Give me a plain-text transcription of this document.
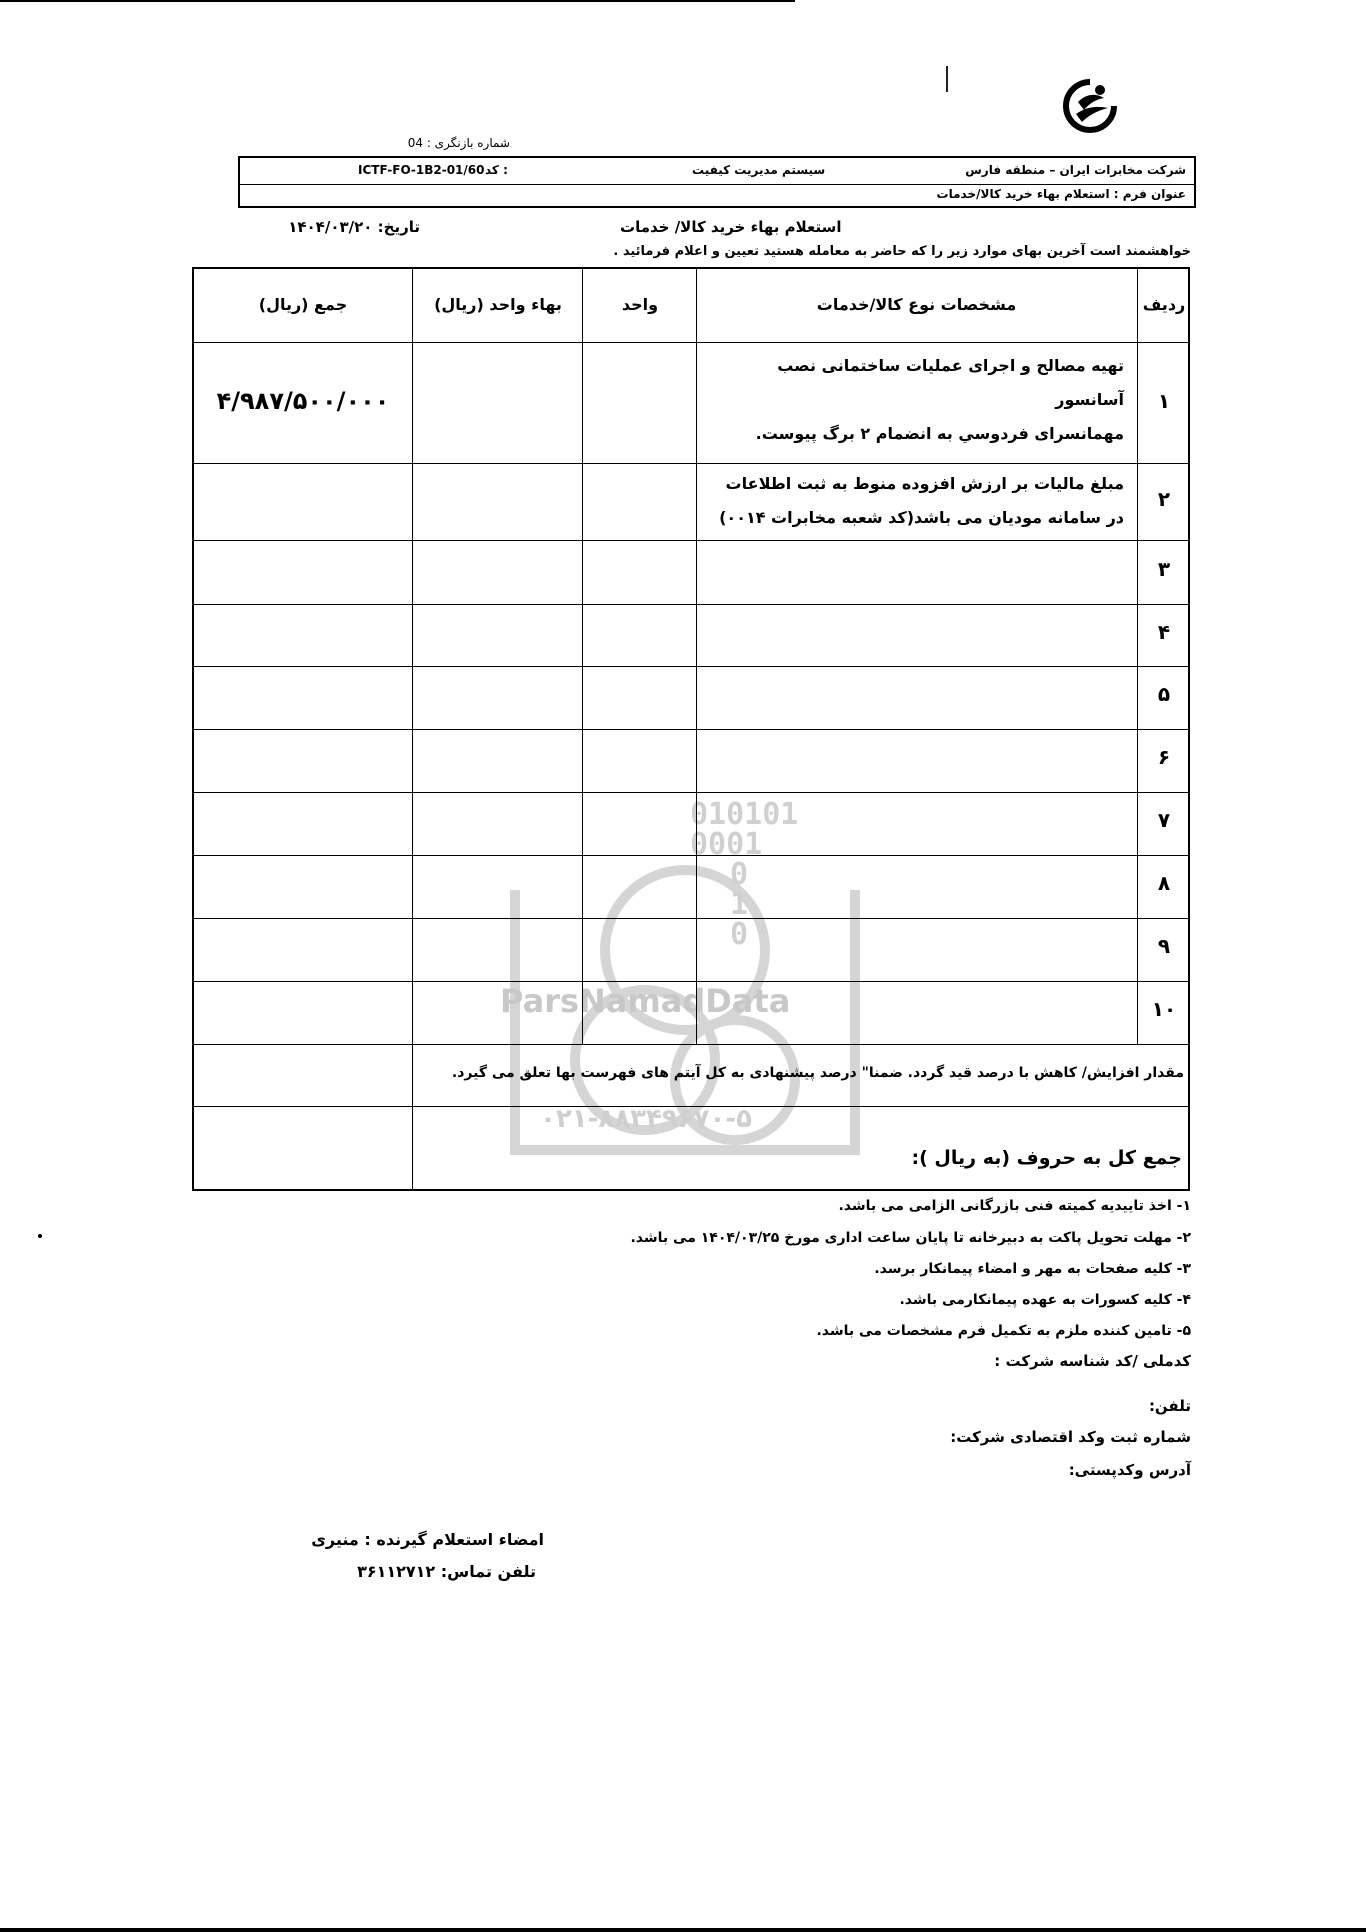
شماره بازنگری : 04
شرکت مخابرات ایران – منطقه فارس
سیستم مدیریت کیفیت
کد :
ICTF-FO-1B2-01/60
عنوان فرم : استعلام بهاء خرید کالا/خدمات
استعلام بهاء خرید کالا/ خدمات
تاریخ: ۱۴۰۴/۰۳/۲۰
خواهشمند است آخرین بهای موارد زیر را که حاضر به معامله هستید تعیین و اعلام فرمائید .
010101
0001
0
1
0
ParsNamadData
۰۲۱-۸۸۳۴۹۶۷۰-۵
ردیف
مشخصات نوع کالا/خدمات
واحد
بهاء واحد (ریال)
جمع (ریال)
۱
تهیه مصالح و اجرای عملیات ساختمانی نصب آسانسور
مهمانسرای فردوسي به انضمام ۲ برگ پیوست.
۴/۹۸۷/۵۰۰/۰۰۰
۲
مبلغ مالیات بر ارزش افزوده منوط به ثبت اطلاعات
در سامانه مودیان می باشد(کد شعبه مخابرات ۰۰۱۴)
۳
۴
۵
۶
۷
۸
۹
۱۰
مقدار افزایش/ کاهش با درصد قید گردد. ضمنا" درصد پیشنهادی به کل آیتم های فهرست بها تعلق می گیرد.
جمع کل به حروف (به ریال ):
۱- اخذ تاییدیه کمیته فنی بازرگانی الزامی می باشد.
۲- مهلت تحویل پاکت به دبیرخانه تا پایان ساعت اداری مورخ ۱۴۰۴/۰۳/۲۵ می باشد.
۳- کلیه صفحات به مهر و امضاء پیمانکار برسد.
۴- کلیه کسورات به عهده پیمانکارمی باشد.
۵- تامین کننده ملزم به تکمیل فرم مشخصات می باشد.
کدملی /کد شناسه شرکت :
تلفن:
شماره ثبت وکد اقتصادی شرکت:
آدرس وکدپستی:
امضاء استعلام گیرنده : منیری
تلفن تماس: ۳۶۱۱۲۷۱۲
